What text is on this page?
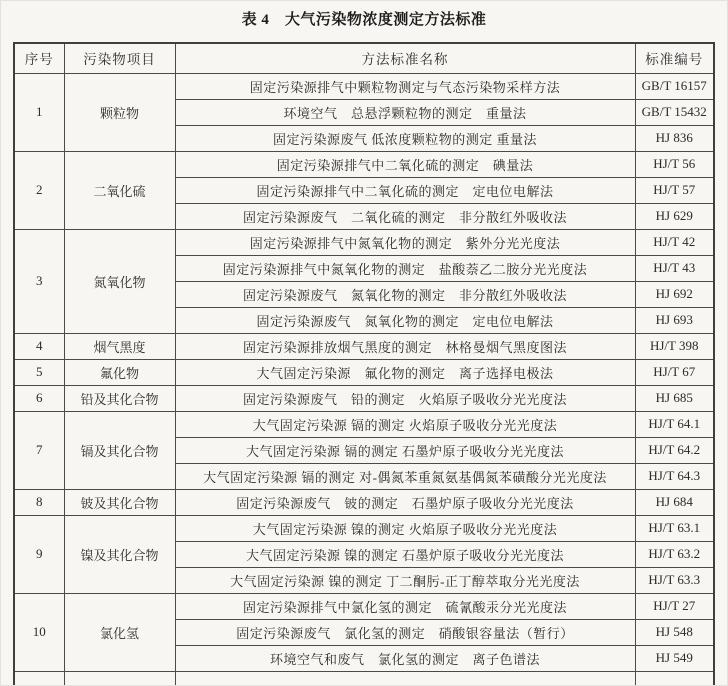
表 4　大气污染物浓度测定方法标准
序号	污染物项目	方法标准名称	标准编号
1	颗粒物	固定污染源排气中颗粒物测定与气态污染物采样方法	GB/T 16157
		环境空气　总悬浮颗粒物的测定　重量法	GB/T 15432
		固定污染源废气 低浓度颗粒物的测定 重量法	HJ 836
2	二氧化硫	固定污染源排气中二氧化硫的测定　碘量法	HJ/T 56
		固定污染源排气中二氧化硫的测定　定电位电解法	HJ/T 57
		固定污染源废气　二氧化硫的测定　非分散红外吸收法	HJ 629
3	氮氧化物	固定污染源排气中氮氧化物的测定　紫外分光光度法	HJ/T 42
		固定污染源排气中氮氧化物的测定　盐酸萘乙二胺分光光度法	HJ/T 43
		固定污染源废气　氮氧化物的测定　非分散红外吸收法	HJ 692
		固定污染源废气　氮氧化物的测定　定电位电解法	HJ 693
4	烟气黑度	固定污染源排放烟气黑度的测定　林格曼烟气黑度图法	HJ/T 398
5	氟化物	大气固定污染源　氟化物的测定　离子选择电极法	HJ/T 67
6	铅及其化合物	固定污染源废气　铅的测定　火焰原子吸收分光光度法	HJ 685
7	镉及其化合物	大气固定污染源 镉的测定 火焰原子吸收分光光度法	HJ/T 64.1
		大气固定污染源 镉的测定 石墨炉原子吸收分光光度法	HJ/T 64.2
		大气固定污染源 镉的测定 对-偶氮苯重氮氨基偶氮苯磺酸分光光度法	HJ/T 64.3
8	铍及其化合物	固定污染源废气　铍的测定　石墨炉原子吸收分光光度法	HJ 684
9	镍及其化合物	大气固定污染源 镍的测定 火焰原子吸收分光光度法	HJ/T 63.1
		大气固定污染源 镍的测定 石墨炉原子吸收分光光度法	HJ/T 63.2
		大气固定污染源 镍的测定 丁二酮肟-正丁醇萃取分光光度法	HJ/T 63.3
10	氯化氢	固定污染源排气中氯化氢的测定　硫氰酸汞分光光度法	HJ/T 27
		固定污染源废气　氯化氢的测定　硝酸银容量法（暂行）	HJ 548
		环境空气和废气　氯化氢的测定　离子色谱法	HJ 549
